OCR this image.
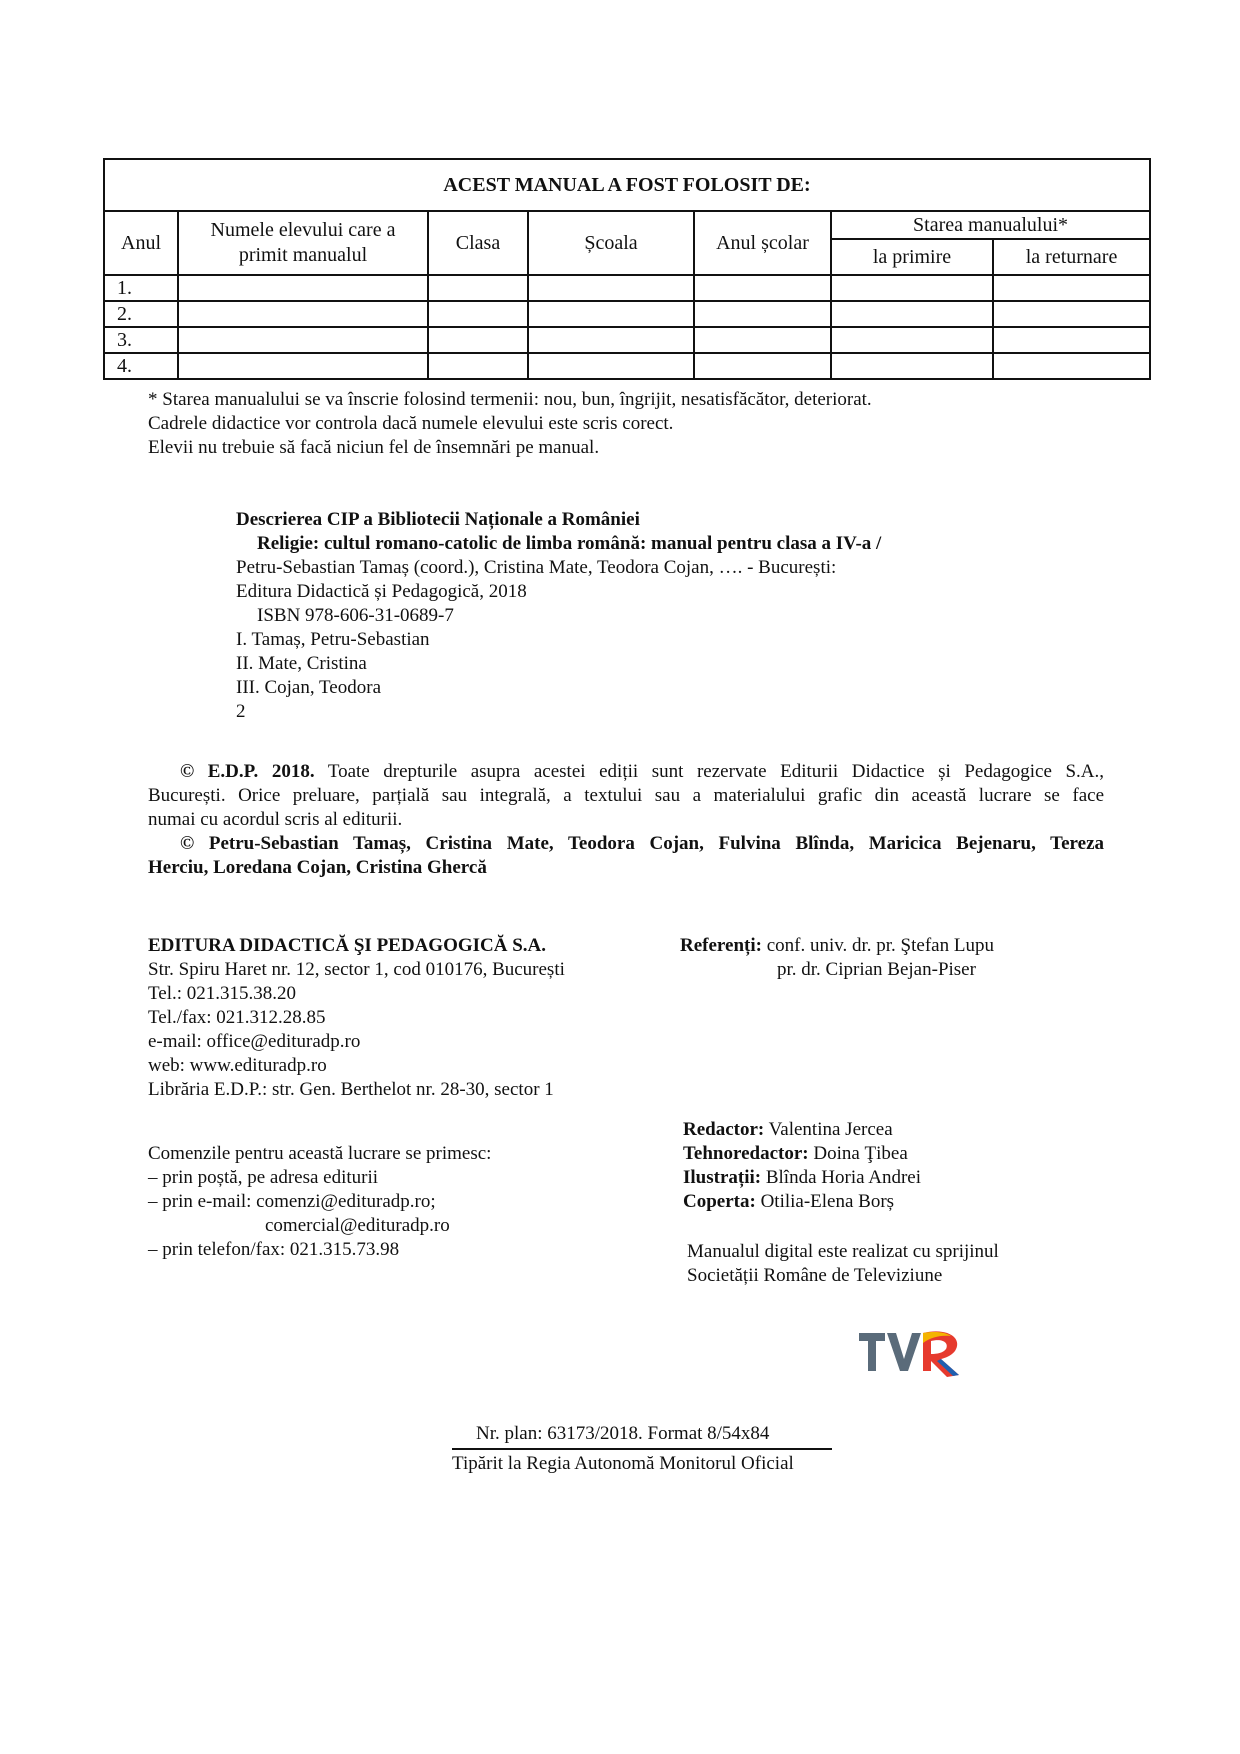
ACEST MANUAL A FOST FOLOSIT DE:						
Anul	Numele elevului care a primit manualul	Clasa	Școala	Anul școlar	Starea manualului*	
					la primire	la returnare
1.						
2.						
3.						
4.						
* Starea manualului se va înscrie folosind termenii: nou, bun, îngrijit, nesatisfăcător, deteriorat.
Cadrele didactice vor controla dacă numele elevului este scris corect.
Elevii nu trebuie să facă niciun fel de însemnări pe manual.
Descrierea CIP a Bibliotecii Naționale a României
Religie: cultul romano-catolic de limba română: manual pentru clasa a IV-a /
Petru-Sebastian Tamaș (coord.), Cristina Mate, Teodora Cojan, …. - București:
Editura Didactică și Pedagogică, 2018
ISBN 978-606-31-0689-7
I. Tamaș, Petru-Sebastian
II. Mate, Cristina
III. Cojan, Teodora
2
© E.D.P. 2018. Toate drepturile asupra acestei ediții sunt rezervate Editurii Didactice și Pedagogice S.A.,
București. Orice preluare, parțială sau integrală, a textului sau a materialului grafic din această lucrare se face
numai cu acordul scris al editurii.
© Petru-Sebastian Tamaș, Cristina Mate, Teodora Cojan, Fulvina Blînda, Maricica Bejenaru, Tereza
Herciu, Loredana Cojan, Cristina Ghercă
EDITURA DIDACTICĂ ŞI PEDAGOGICĂ S.A.
Str. Spiru Haret nr. 12, sector 1, cod 010176, București
Tel.: 021.315.38.20
Tel./fax: 021.312.28.85
e-mail: office@edituradp.ro
web: www.edituradp.ro
Librăria E.D.P.: str. Gen. Berthelot nr. 28-30, sector 1
Comenzile pentru această lucrare se primesc:
– prin poștă, pe adresa editurii
– prin e-mail: comenzi@edituradp.ro;
comercial@edituradp.ro
– prin telefon/fax: 021.315.73.98
Referenți: conf. univ. dr. pr. Ştefan Lupu
pr. dr. Ciprian Bejan-Piser
Redactor: Valentina Jercea
Tehnoredactor: Doina Ţibea
Ilustrații: Blînda Horia Andrei
Coperta: Otilia-Elena Borș
Manualul digital este realizat cu sprijinul
Societății Române de Televiziune
Nr. plan: 63173/2018. Format 8/54x84
Tipărit la Regia Autonomă Monitorul Oficial
